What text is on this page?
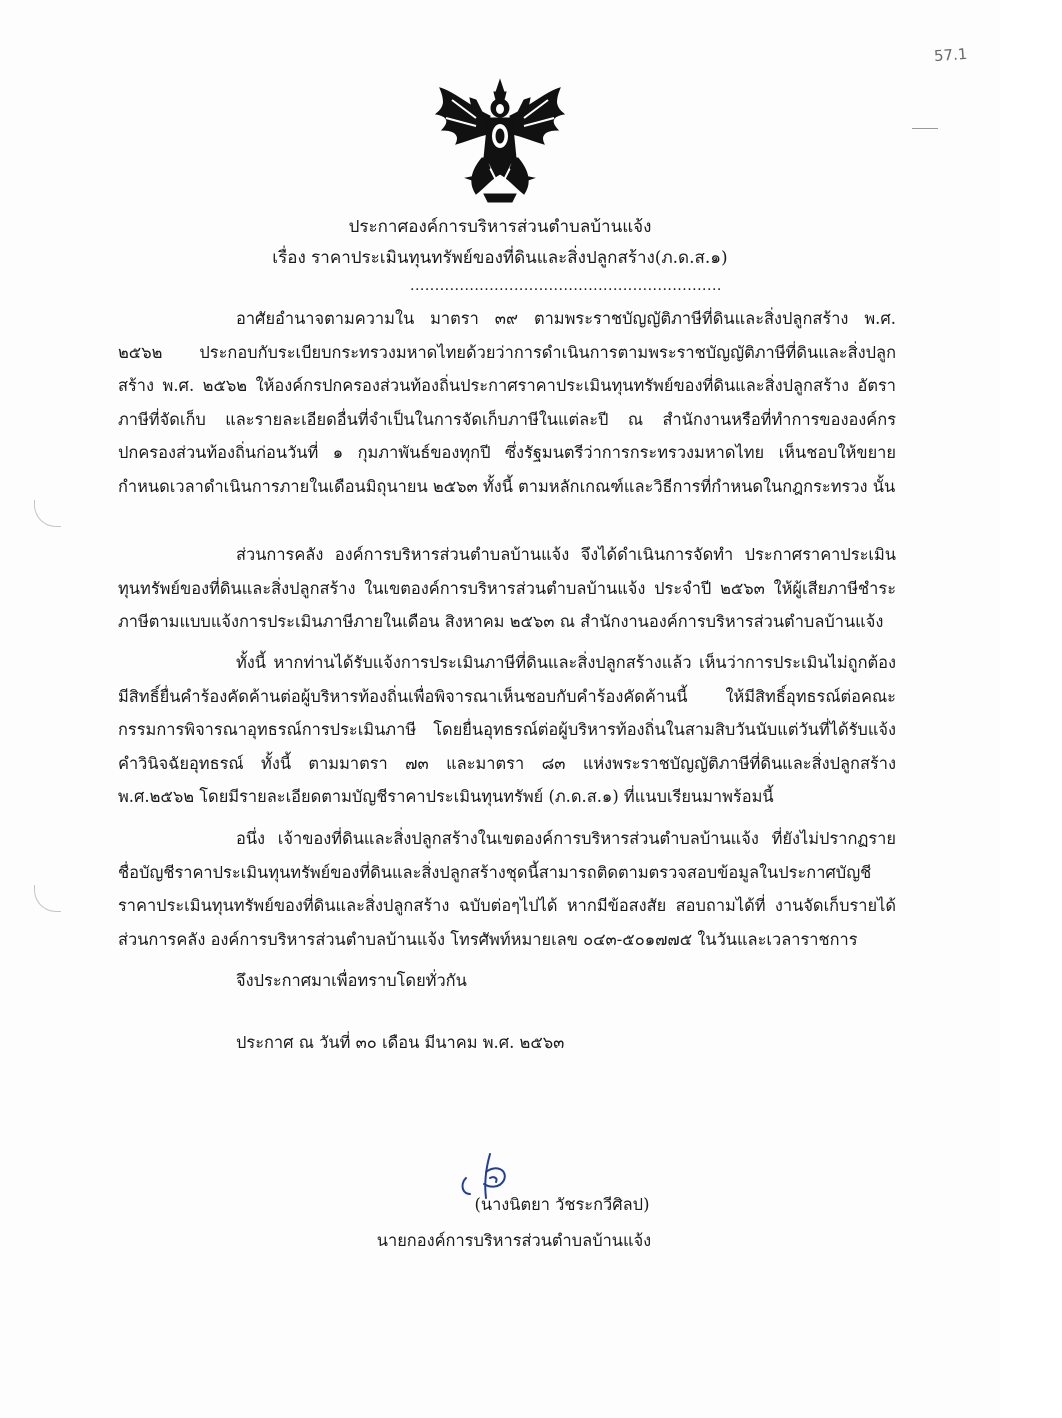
57.1
ประกาศองค์การบริหารส่วนตำบลบ้านแจ้ง
เรื่อง ราคาประเมินทุนทรัพย์ของที่ดินและสิ่งปลูกสร้าง(ภ.ด.ส.๑)
...............................................................

อาศัยอำนาจตามความใน มาตรา ๓๙ ตามพระราชบัญญัติภาษีที่ดินและสิ่งปลูกสร้าง พ.ศ. ๒๕๖๒ ประกอบกับระเบียบกระทรวงมหาดไทยด้วยว่าการดำเนินการตามพระราชบัญญัติภาษีที่ดินและสิ่งปลูกสร้าง พ.ศ. ๒๕๖๒ ให้องค์กรปกครองส่วนท้องถิ่นประกาศราคาประเมินทุนทรัพย์ของที่ดินและสิ่งปลูกสร้าง อัตราภาษีที่จัดเก็บ และรายละเอียดอื่นที่จำเป็นในการจัดเก็บภาษีในแต่ละปี ณ สำนักงานหรือที่ทำการขององค์กรปกครองส่วนท้องถิ่นก่อนวันที่ ๑ กุมภาพันธ์ของทุกปี ซึ่งรัฐมนตรีว่าการกระทรวงมหาดไทย เห็นชอบให้ขยายกำหนดเวลาดำเนินการภายในเดือนมิถุนายน ๒๕๖๓ ทั้งนี้ ตามหลักเกณฑ์และวิธีการที่กำหนดในกฎกระทรวง นั้น

ส่วนการคลัง องค์การบริหารส่วนตำบลบ้านแจ้ง จึงได้ดำเนินการจัดทำ ประกาศราคาประเมินทุนทรัพย์ของที่ดินและสิ่งปลูกสร้าง ในเขตองค์การบริหารส่วนตำบลบ้านแจ้ง ประจำปี ๒๕๖๓ ให้ผู้เสียภาษีชำระภาษีตามแบบแจ้งการประเมินภาษีภายในเดือน สิงหาคม ๒๕๖๓ ณ สำนักงานองค์การบริหารส่วนตำบลบ้านแจ้ง

ทั้งนี้ หากท่านได้รับแจ้งการประเมินภาษีที่ดินและสิ่งปลูกสร้างแล้ว เห็นว่าการประเมินไม่ถูกต้อง มีสิทธิ์ยื่นคำร้องคัดค้านต่อผู้บริหารท้องถิ่นเพื่อพิจารณาเห็นชอบกับคำร้องคัดค้านนี้ ให้มีสิทธิ์อุทธรณ์ต่อคณะกรรมการพิจารณาอุทธรณ์การประเมินภาษี โดยยื่นอุทธรณ์ต่อผู้บริหารท้องถิ่นในสามสิบวันนับแต่วันที่ได้รับแจ้งคำวินิจฉัยอุทธรณ์ ทั้งนี้ ตามมาตรา ๗๓ และมาตรา ๘๓ แห่งพระราชบัญญัติภาษีที่ดินและสิ่งปลูกสร้าง พ.ศ.๒๕๖๒ โดยมีรายละเอียดตามบัญชีราคาประเมินทุนทรัพย์ (ภ.ด.ส.๑) ที่แนบเรียนมาพร้อมนี้

อนึ่ง เจ้าของที่ดินและสิ่งปลูกสร้างในเขตองค์การบริหารส่วนตำบลบ้านแจ้ง ที่ยังไม่ปรากฏรายชื่อบัญชีราคาประเมินทุนทรัพย์ของที่ดินและสิ่งปลูกสร้างชุดนี้สามารถติดตามตรวจสอบข้อมูลในประกาศบัญชีราคาประเมินทุนทรัพย์ของที่ดินและสิ่งปลูกสร้าง ฉบับต่อๆไปได้ หากมีข้อสงสัย สอบถามได้ที่ งานจัดเก็บรายได้ ส่วนการคลัง องค์การบริหารส่วนตำบลบ้านแจ้ง โทรศัพท์หมายเลข ๐๔๓-๕๐๑๗๗๕ ในวันและเวลาราชการ

จึงประกาศมาเพื่อทราบโดยทั่วกัน
ประกาศ ณ วันที่ ๓๐ เดือน มีนาคม พ.ศ. ๒๕๖๓
(นางนิตยา วัชระกวีศิลป)
นายกองค์การบริหารส่วนตำบลบ้านแจ้ง
